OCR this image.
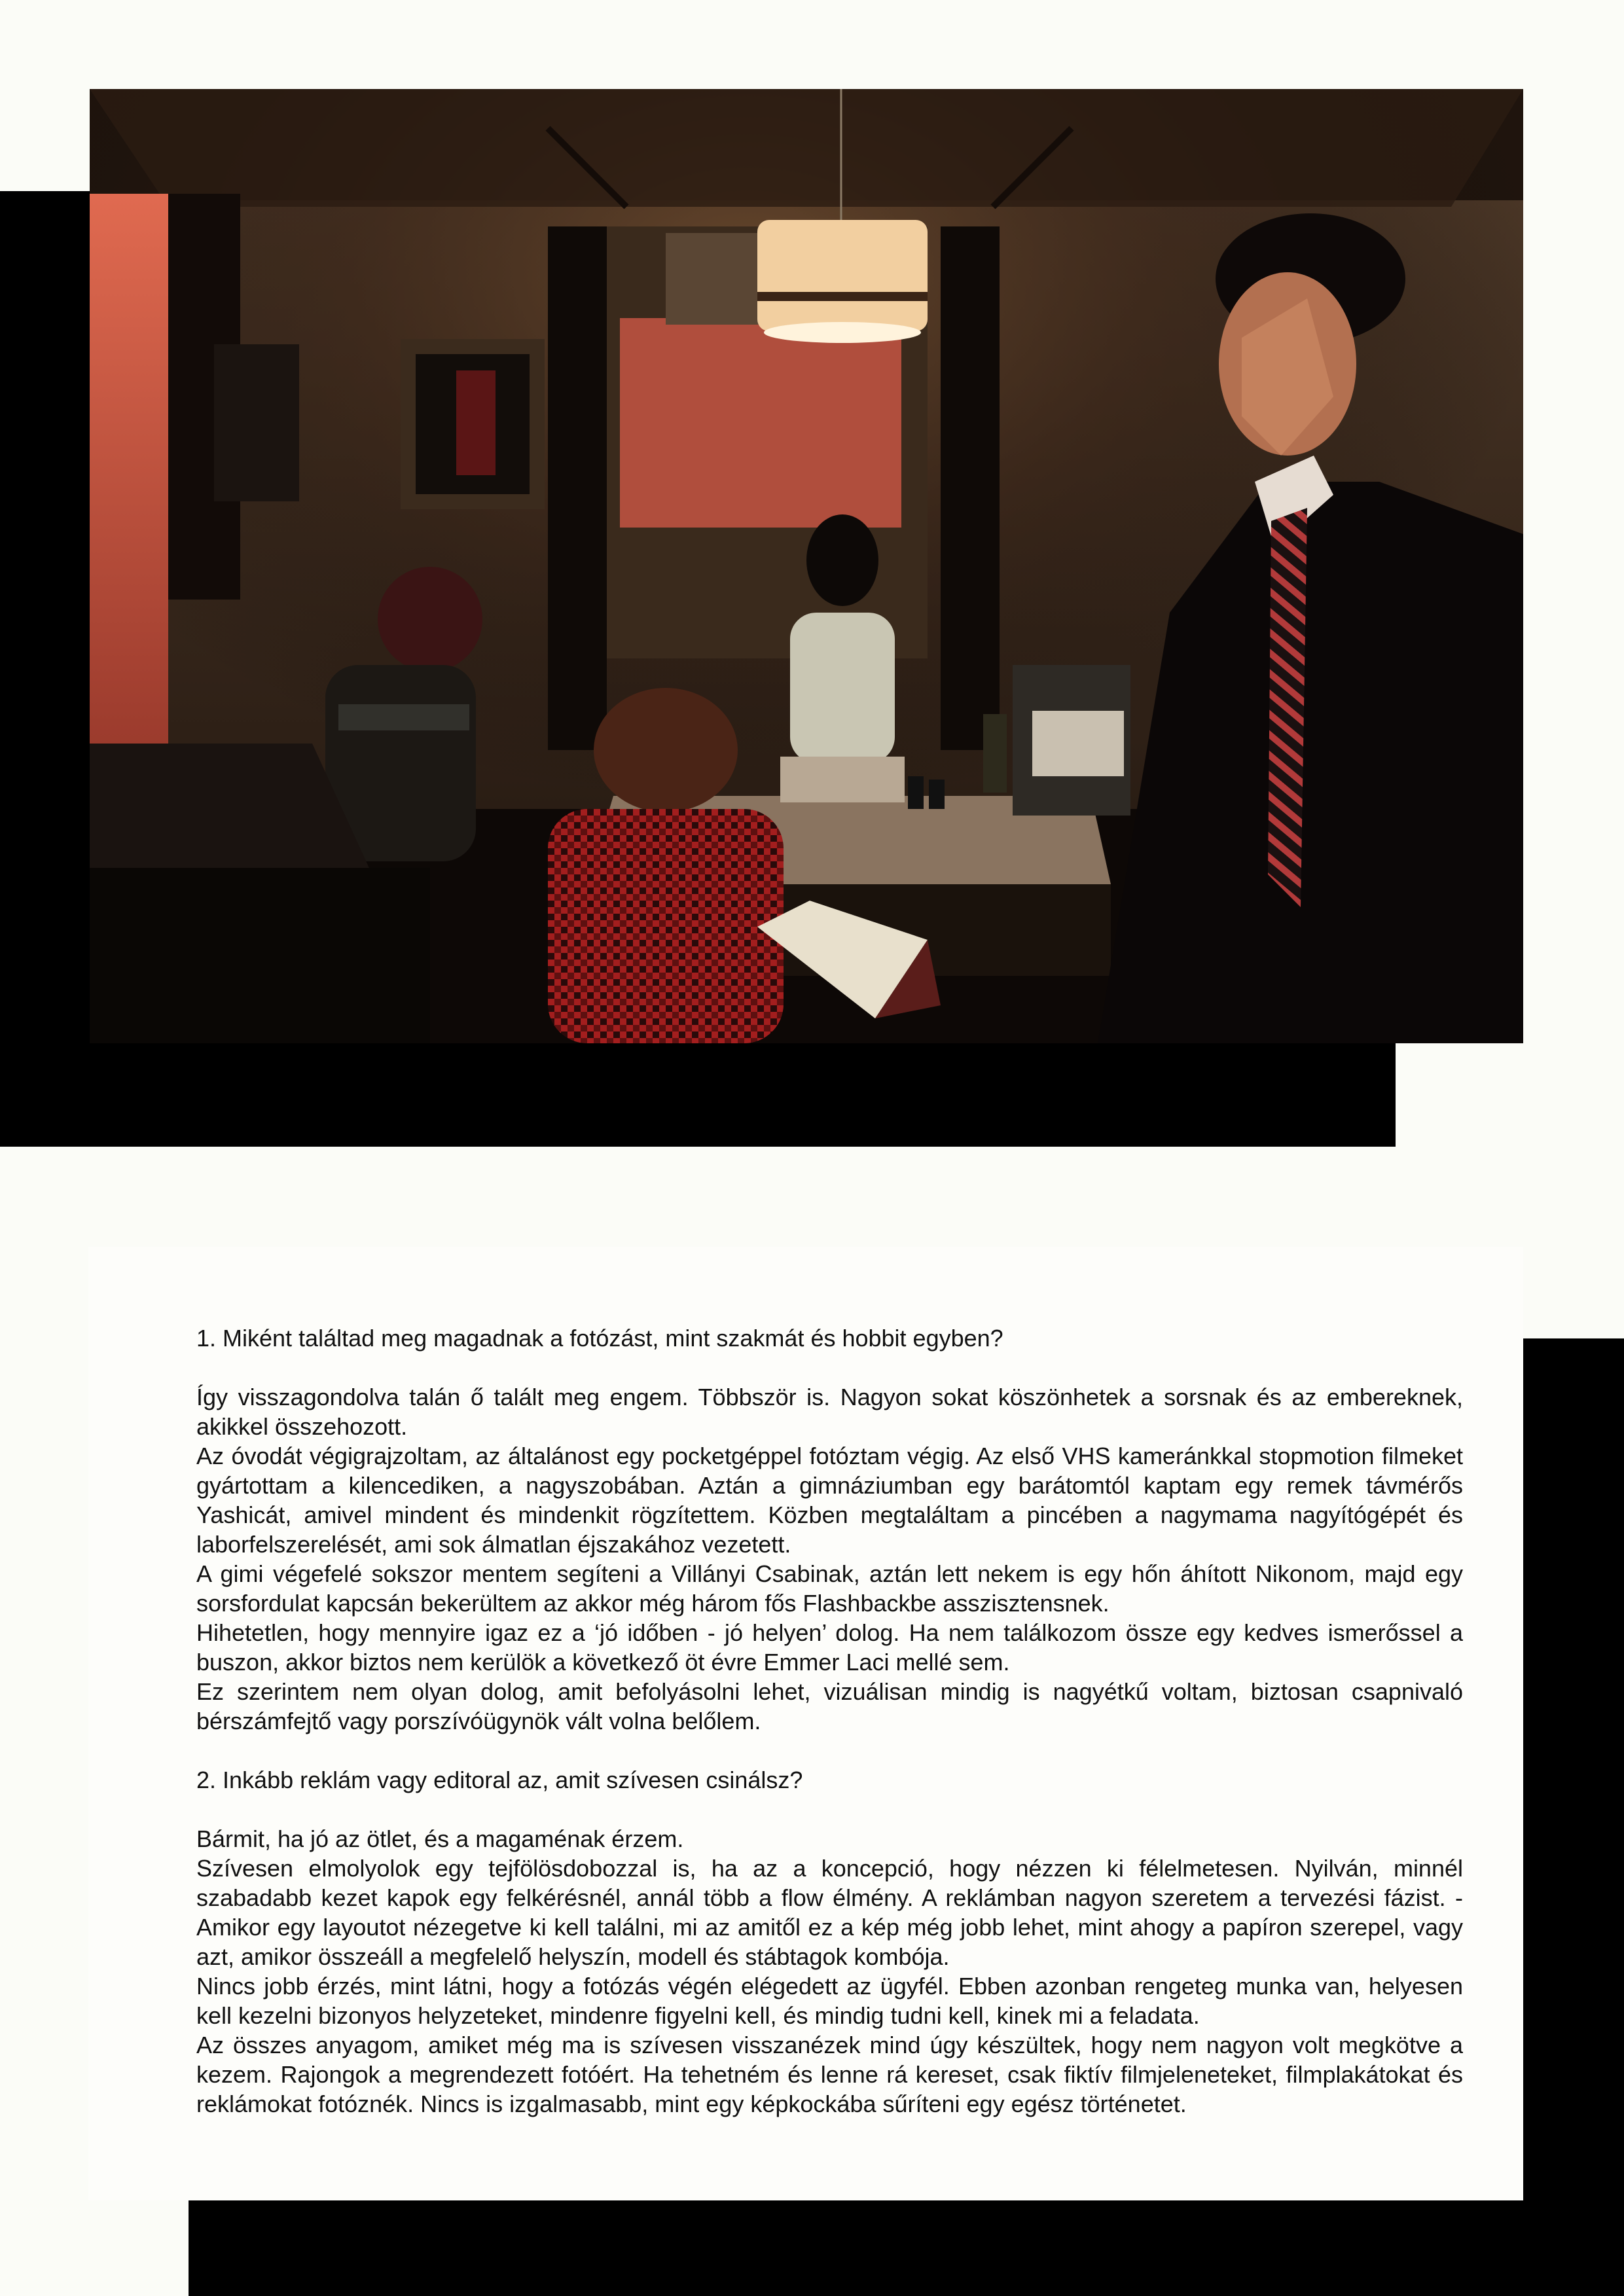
1. Miként találtad meg magadnak a fotózást, mint szakmát és hobbit egyben?

Így visszagondolva talán ő talált meg engem. Többször is. Nagyon sokat köszönhetek a sorsnak és az embereknek, akikkel összehozott.

Az óvodát végigrajzoltam, az általánost egy pocketgéppel fotóztam végig. Az első VHS kameránkkal stopmotion filmeket gyártottam a kilencediken, a nagyszobában. Aztán a gimnáziumban egy barátomtól kaptam egy remek távmérős Yashicát, amivel mindent és mindenkit rögzítettem. Közben megtaláltam a pincében a nagymama nagyítógépét és laborfelszerelését, ami sok álmatlan éjszakához vezetett.

A gimi végefelé sokszor mentem segíteni a Villányi Csabinak, aztán lett nekem is egy hőn áhított Nikonom, majd egy sorsfordulat kapcsán bekerültem az akkor még három fős Flashbackbe asszisztensnek.

Hihetetlen, hogy mennyire igaz ez a ‘jó időben - jó helyen’ dolog. Ha nem találkozom össze egy kedves ismerőssel a buszon, akkor biztos nem kerülök a következő öt évre Emmer Laci mellé sem.

Ez szerintem nem olyan dolog, amit befolyásolni lehet, vizuálisan mindig is nagyétkű voltam, biztosan csapnivaló bérszámfejtő vagy porszívóügynök vált volna belőlem.

2. Inkább reklám vagy editoral az, amit szívesen csinálsz?

Bármit, ha jó az ötlet, és a magaménak érzem.

Szívesen elmolyolok egy tejfölösdobozzal is, ha az a koncepció, hogy nézzen ki félelmetesen. Nyilván, minnél szabadabb kezet kapok egy felkérésnél, annál több a flow élmény. A reklámban nagyon szeretem a tervezési fázist. - Amikor egy layoutot nézegetve ki kell találni, mi az amitől ez a kép még jobb lehet, mint ahogy a papíron szerepel, vagy azt, amikor összeáll a megfelelő helyszín, modell és stábtagok kombója.

Nincs jobb érzés, mint látni, hogy a fotózás végén elégedett az ügyfél. Ebben azonban rengeteg munka van, helyesen kell kezelni bizonyos helyzeteket, mindenre figyelni kell, és mindig tudni kell, kinek mi a feladata.

Az összes anyagom, amiket még ma is szívesen visszanézek mind úgy készültek, hogy nem nagyon volt megkötve a kezem. Rajongok a megrendezett fotóért. Ha tehetném és lenne rá kereset, csak fiktív filmjeleneteket, filmplakátokat és reklámokat fotóznék. Nincs is izgalmasabb, mint egy képkockába sűríteni egy egész történetet.
